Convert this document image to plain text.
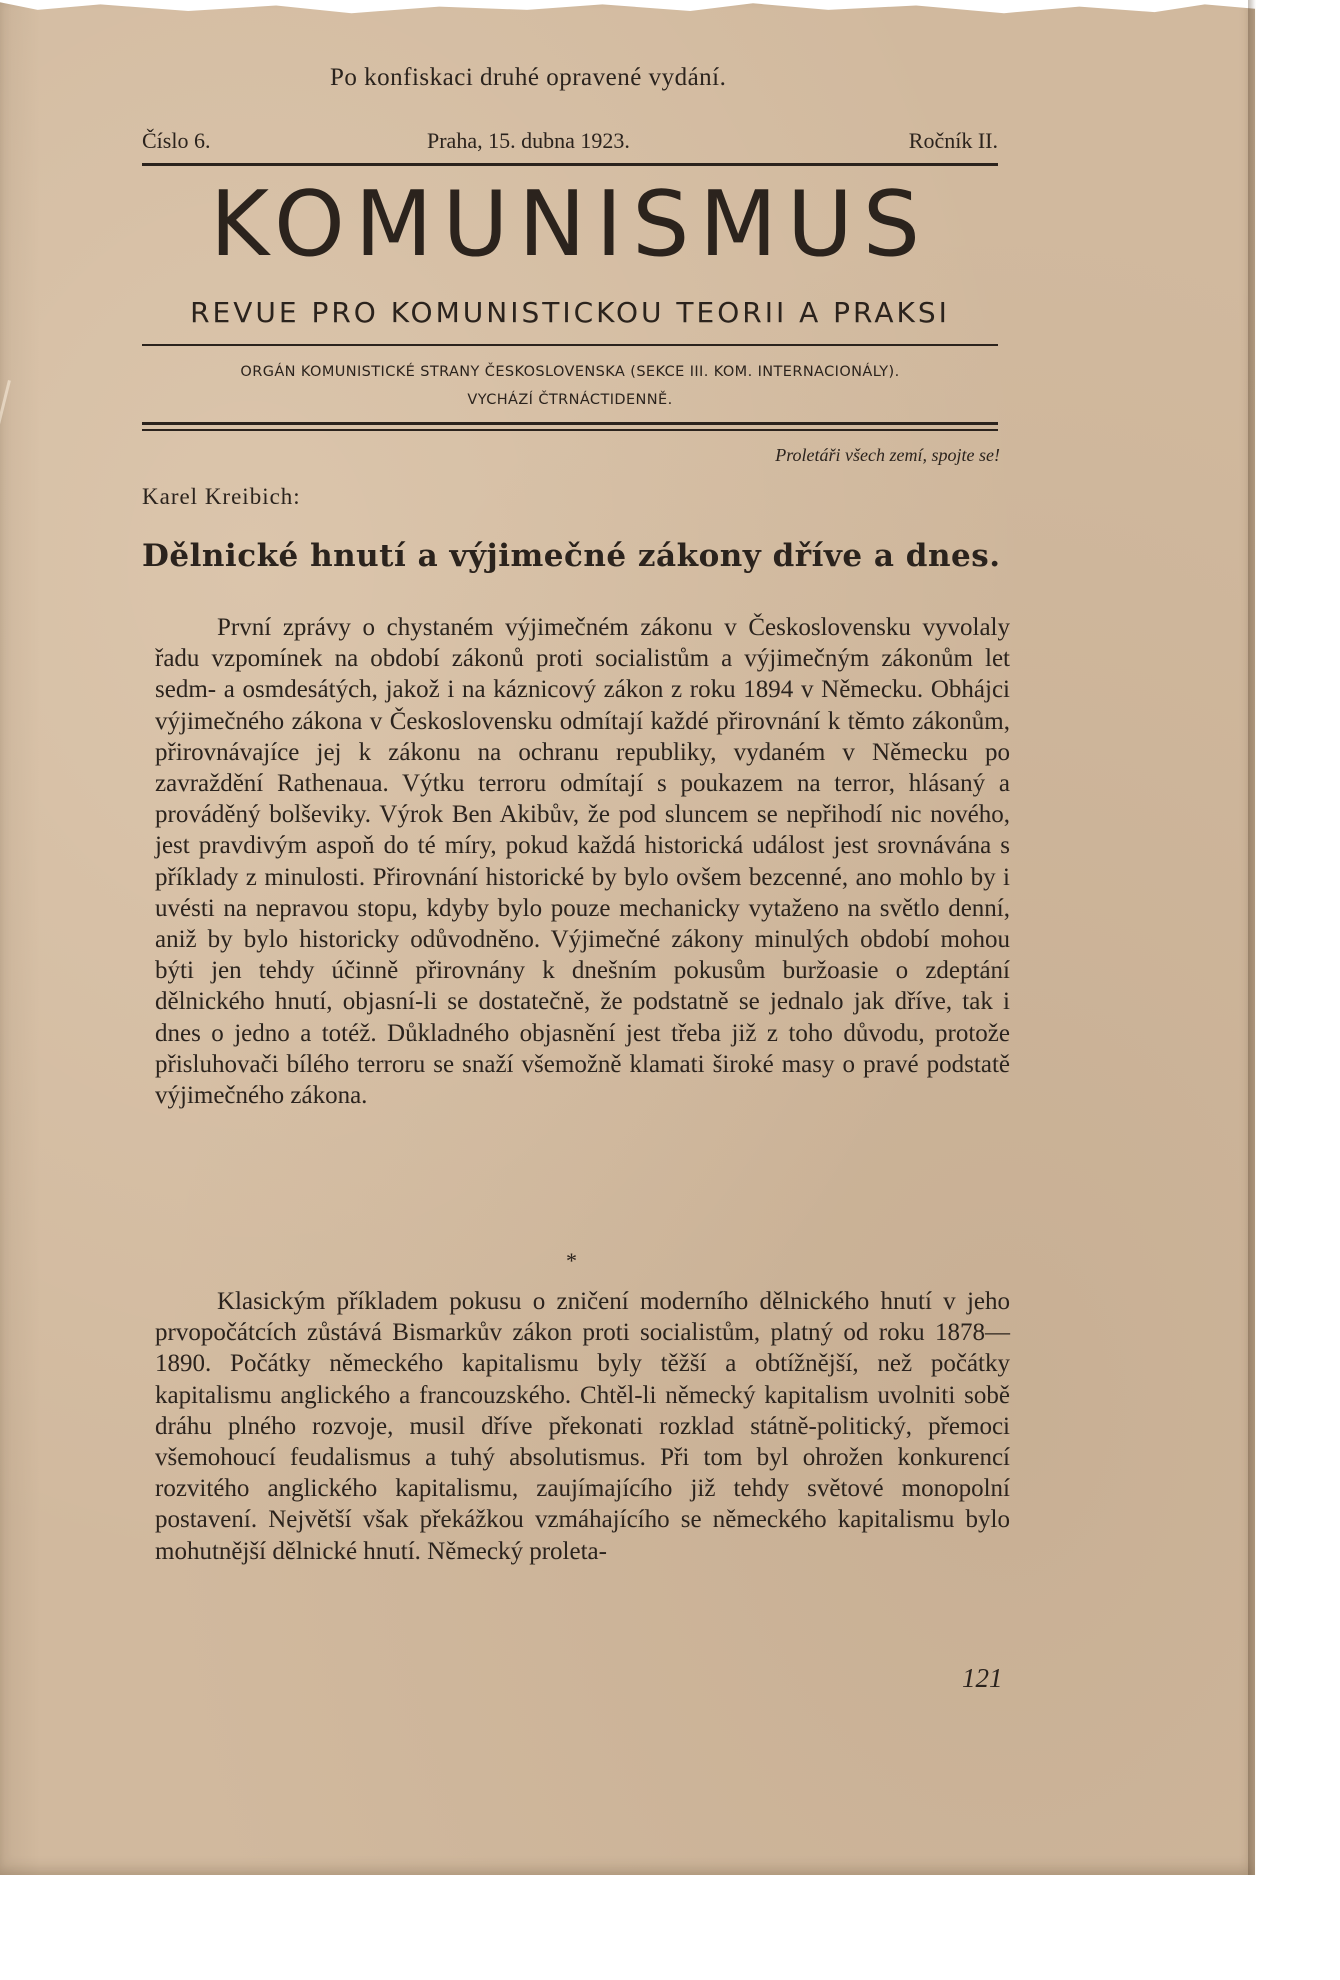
Po konfiskaci druhé opravené vydání.
Číslo 6.	Praha, 15. dubna 1923.	Ročník II.
KOMUNISMUS
REVUE PRO KOMUNISTICKOU TEORII A PRAKSI
ORGÁN KOMUNISTICKÉ STRANY ČESKOSLOVENSKA (SEKCE III. KOM. INTERNACIONÁLY).
VYCHÁZÍ ČTRNÁCTIDENNĚ.
Proletáři všech zemí, spojte se!
Karel Kreibich:
Dělnické hnutí a výjimečné zákony dříve a dnes.
První zprávy o chystaném výjimečném zákonu v Československu vyvolaly řadu vzpomínek na období zákonů proti socialistům a výjimečným zákonům let sedm- a osmdesátých, jakož i na káznicový zákon z roku 1894 v Německu. Obhájci výjimečného zákona v Československu odmítají každé přirovnání k těmto zákonům, přirovnávajíce jej k zákonu na ochranu republiky, vydaném v Německu po zavraždění Rathenaua. Výtku terroru odmítají s poukazem na terror, hlásaný a prováděný bolševiky. Výrok Ben Akibův, že pod sluncem se nepřihodí nic nového, jest pravdivým aspoň do té míry, pokud každá historická událost jest srovnávána s příklady z minulosti. Přirovnání historické by bylo ovšem bezcenné, ano mohlo by i uvésti na nepravou stopu, kdyby bylo pouze mechanicky vytaženo na světlo denní, aniž by bylo historicky odůvodněno. Výjimečné zákony minulých období mohou býti jen tehdy účinně přirovnány k dnešním pokusům buržoasie o zdeptání dělnického hnutí, objasní-li se dostatečně, že podstatně se jednalo jak dříve, tak i dnes o jedno a totéž. Důkladného objasnění jest třeba již z toho důvodu, protože přisluhovači bílého terroru se snaží všemožně klamati široké masy o pravé podstatě výjimečného zákona.
*
Klasickým příkladem pokusu o zničení moderního dělnického hnutí v jeho prvopočátcích zůstává Bismarkův zákon proti socialistům, platný od roku 1878—1890. Počátky německého kapitalismu byly těžší a obtížnější, než počátky kapitalismu anglického a francouzského. Chtěl-li německý kapitalism uvolniti sobě dráhu plného rozvoje, musil dříve překonati rozklad státně-politický, přemoci všemohoucí feudalismus a tuhý absolutismus. Při tom byl ohrožen konkurencí rozvitého anglického kapitalismu, zaujímajícího již tehdy světové monopolní postavení. Největší však překážkou vzmáhajícího se německého kapitalismu bylo mohutnější dělnické hnutí. Německý proleta-
121
